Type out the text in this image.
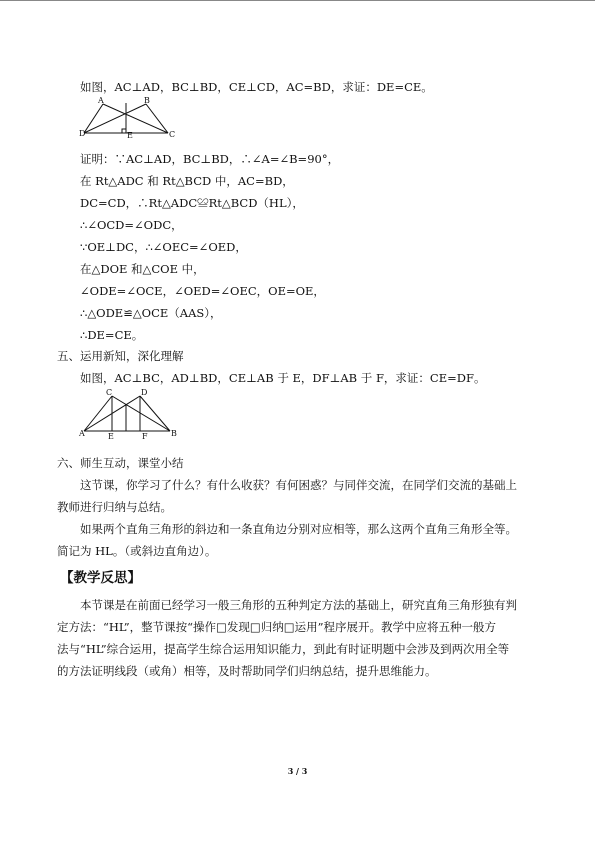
如图，AC⊥AD，BC⊥BD，CE⊥CD，AC=BD，求证：DE=CE。
D
A	B
E	C
证明：∵AC⊥AD，BC⊥BD，∴∠A=∠B=90°，
在 Rt△ADC 和 Rt△BCD 中，AC=BD，
DC=CD，∴Rt△ADC≌Rt△BCD（HL），
∴∠OCD=∠ODC，
∵OE⊥DC，∴∠OEC=∠OED，
在△DOE 和△COE 中，
∠ODE=∠OCE，∠OED=∠OEC，OE=OE，
∴△ODE≌△OCE（AAS），
∴DE=CE。
五、运用新知，深化理解
如图，AC⊥BC，AD⊥BD，CE⊥AB 于 E，DF⊥AB 于 F，求证：CE=DF。
C	D
A	E	F	B
六、师生互动，课堂小结
这节课，你学习了什么？有什么收获？有何困惑？与同伴交流，在同学们交流的基础上
教师进行归纳与总结。
如果两个直角三角形的斜边和一条直角边分别对应相等，那么这两个直角三角形全等。
简记为 HL。（或斜边直角边）。
【教学反思】
本节课是在前面已经学习一般三角形的五种判定方法的基础上，研究直角三角形独有判
定方法：“HL”，整节课按“操作□发现□归纳□运用”程序展开。教学中应将五种一般方
法与“HL”综合运用，提高学生综合运用知识能力，到此有时证明题中会涉及到两次用全等
的方法证明线段（或角）相等，及时帮助同学们归纳总结，提升思维能力。
3 / 3
